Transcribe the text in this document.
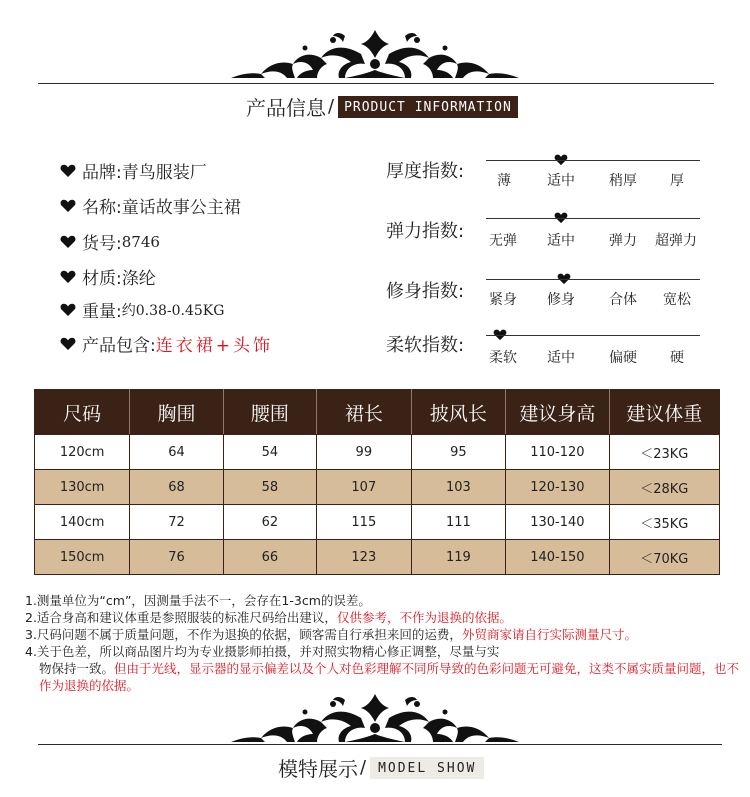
产品信息 / PRODUCT INFORMATION
品牌: 青鸟服装厂
名称: 童话故事公主裙
货号: 8746
材质: 涤纶
重量: 约0.38-0.45KG
产品包含: 连衣裙+头饰
厚度指数: 薄	适中 稍厚 厚
弹力指数: 无弹 适中 弹力 超弹力
修身指数: 紧身 修身 合体 宽松
柔软指数:
柔软 适中 偏硬 硬
尺码	胸围	腰围	裙长	披风长	建议身高	建议体重
120cm	64	54	99	95	110-120	＜23KG
130cm	68	58	107	103	120-130	＜28KG
140cm	72	62	115	111	130-140	＜35KG
150cm	76	66	123	119	140-150	＜70KG

1.测量单位为“cm”，因测量手法不一，会存在1-3cm的误差。

2.适合身高和建议体重是参照服装的标准尺码给出建议，仅供参考，不作为退换的依据。

3.尺码问题不属于质量问题，不作为退换的依据，顾客需自行承担来回的运费，外贸商家请自行实际测量尺寸。

4.关于色差，所以商品图片均为专业摄影师拍摄，并对照实物精心修正调整，尽量与实

物保持一致。但由于光线，显示器的显示偏差以及个人对色彩理解不同所导致的色彩问题无可避免，这类不属实质量问题，也不作为退换的依据。

模特展示 / MODEL SHOW
